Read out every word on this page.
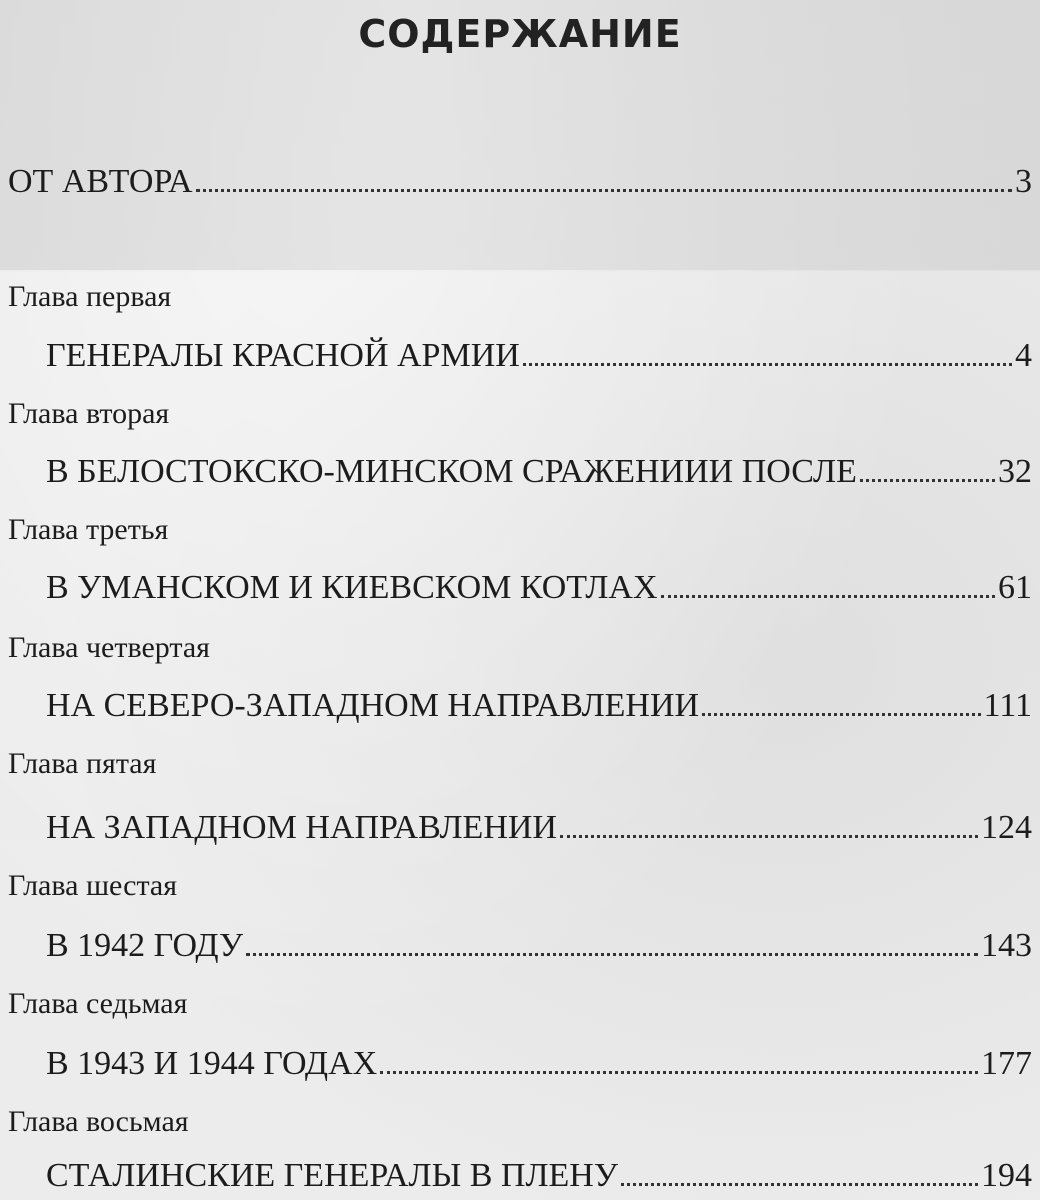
СОДЕРЖАНИЕ
ОТ АВТОРА	3
Глава первая
ГЕНЕРАЛЫ КРАСНОЙ АРМИИ	4
Глава вторая
В БЕЛОСТОКСКО-МИНСКОМ СРАЖЕНИИИ ПОСЛЕ	32
Глава третья
В УМАНСКОМ И КИЕВСКОМ КОТЛАХ	61
Глава четвертая
НА СЕВЕРО-ЗАПАДНОМ НАПРАВЛЕНИИ	111
Глава пятая
НА ЗАПАДНОМ НАПРАВЛЕНИИ	124
Глава шестая
В 1942 ГОДУ	143
Глава седьмая
В 1943 И 1944 ГОДАХ	177
Глава восьмая
СТАЛИНСКИЕ ГЕНЕРАЛЫ В ПЛЕНУ	194
